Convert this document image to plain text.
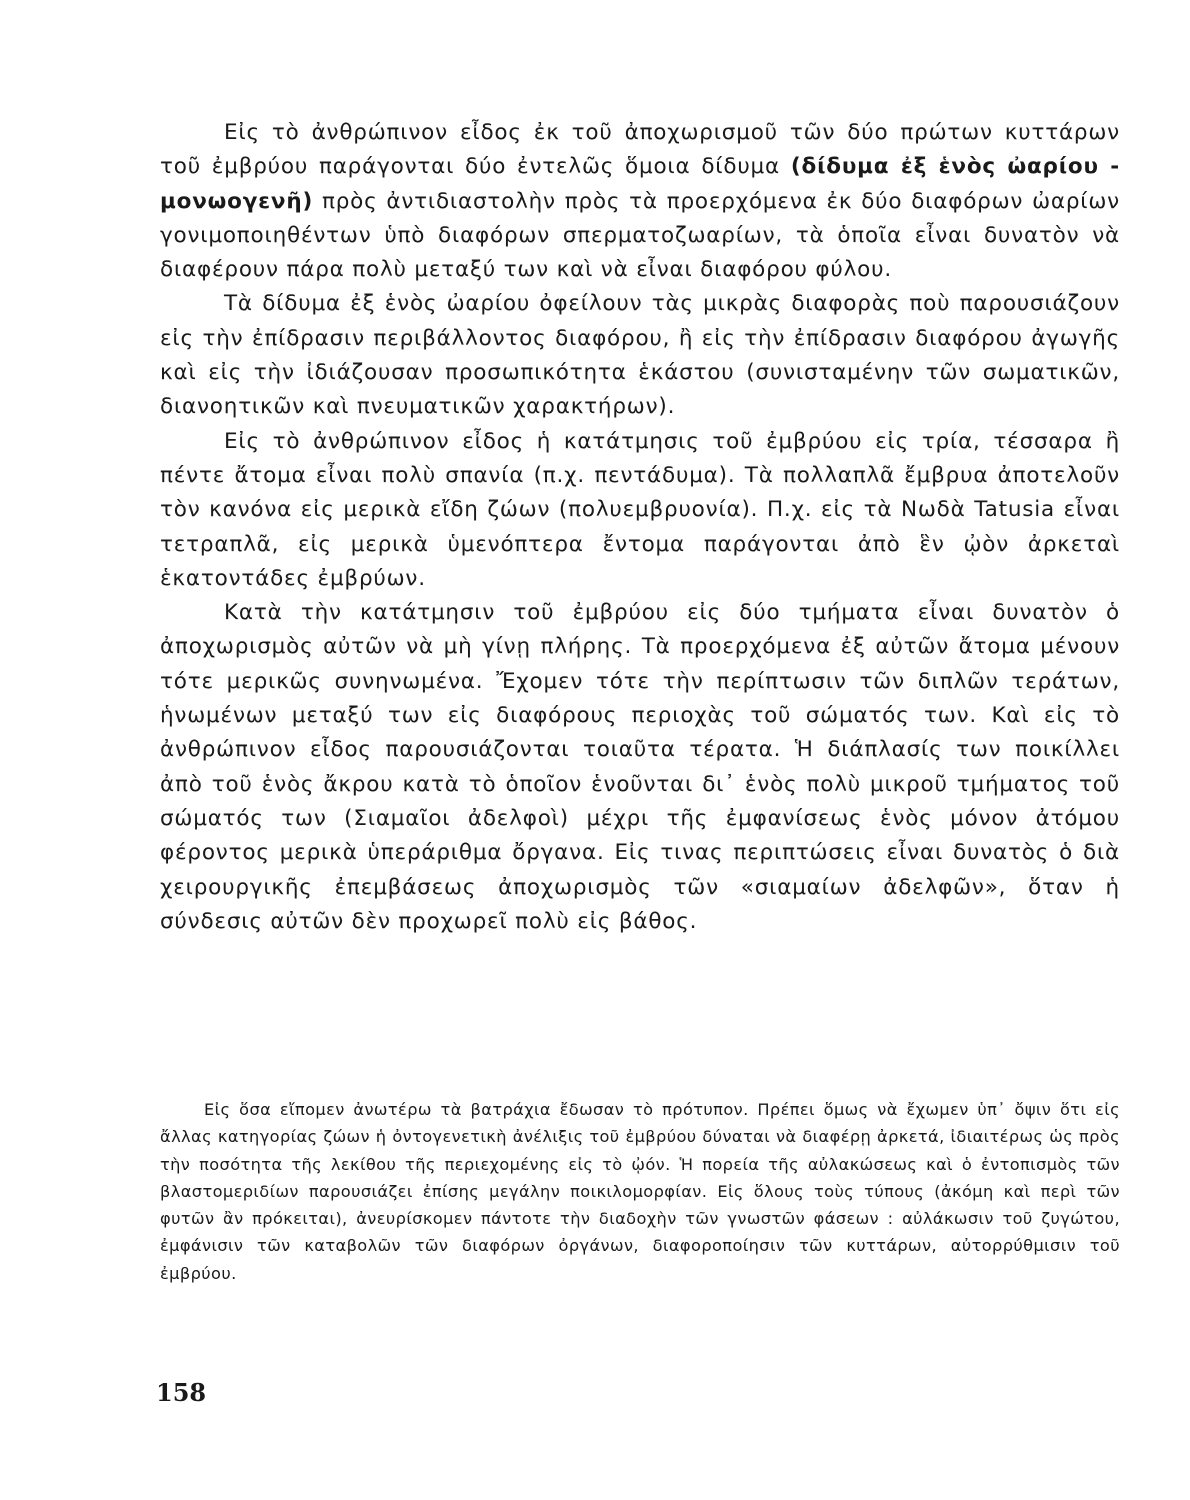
Εἰς τὸ ἀνθρώπινον εἶδος ἐκ τοῦ ἀποχωρισμοῦ τῶν δύο πρώτων κυττάρων τοῦ ἐμβρύου παράγονται δύο ἐντελῶς ὅμοια δίδυμα (δίδυμα ἐξ ἑνὸς ὠαρίου - μονωογενῆ) πρὸς ἀντιδιαστολὴν πρὸς τὰ προερχόμενα ἐκ δύο διαφόρων ὠαρίων γονιμοποιηθέντων ὑπὸ διαφόρων σπερματοζωαρίων, τὰ ὁποῖα εἶναι δυνατὸν νὰ διαφέρουν πάρα πολὺ μεταξύ των καὶ νὰ εἶναι διαφόρου φύλου.

Τὰ δίδυμα ἐξ ἑνὸς ὠαρίου ὀφείλουν τὰς μικρὰς διαφορὰς ποὺ παρουσιάζουν εἰς τὴν ἐπίδρασιν περιβάλλοντος διαφόρου, ἢ εἰς τὴν ἐπίδρασιν διαφόρου ἀγωγῆς καὶ εἰς τὴν ἰδιάζουσαν προσωπικότητα ἑκάστου (συνισταμένην τῶν σωματικῶν, διανοητικῶν καὶ πνευματικῶν χαρακτήρων).

Εἰς τὸ ἀνθρώπινον εἶδος ἡ κατάτμησις τοῦ ἐμβρύου εἰς τρία, τέσσαρα ἢ πέντε ἄτομα εἶναι πολὺ σπανία (π.χ. πεντάδυμα). Τὰ πολλαπλᾶ ἔμβρυα ἀποτελοῦν τὸν κανόνα εἰς μερικὰ εἴδη ζώων (πολυεμβρυονία). Π.χ. εἰς τὰ Νωδὰ Tatusia εἶναι τετραπλᾶ, εἰς μερικὰ ὑμενόπτερα ἔντομα παράγονται ἀπὸ ἓν ᾠὸν ἀρκεταὶ ἑκατοντάδες ἐμβρύων.

Κατὰ τὴν κατάτμησιν τοῦ ἐμβρύου εἰς δύο τμήματα εἶναι δυνατὸν ὁ ἀποχωρισμὸς αὐτῶν νὰ μὴ γίνῃ πλήρης. Τὰ προερχόμενα ἐξ αὐτῶν ἄτομα μένουν τότε μερικῶς συνηνωμένα. Ἔχομεν τότε τὴν περίπτωσιν τῶν διπλῶν τεράτων, ἡνωμένων μεταξύ των εἰς διαφόρους περιοχὰς τοῦ σώματός των. Καὶ εἰς τὸ ἀνθρώπινον εἶδος παρουσιάζονται τοιαῦτα τέρατα. Ἡ διάπλασίς των ποικίλλει ἀπὸ τοῦ ἑνὸς ἄκρου κατὰ τὸ ὁποῖον ἑνοῦνται δι᾿ ἑνὸς πολὺ μικροῦ τμήματος τοῦ σώματός των (Σιαμαῖοι ἀδελφοὶ) μέχρι τῆς ἐμφανίσεως ἑνὸς μόνον ἀτόμου φέροντος μερικὰ ὑπεράριθμα ὄργανα. Εἰς τινας περιπτώσεις εἶναι δυνατὸς ὁ διὰ χειρουργικῆς ἐπεμβάσεως ἀποχωρισμὸς τῶν «σιαμαίων ἀδελφῶν», ὅταν ἡ σύνδεσις αὐτῶν δὲν προχωρεῖ πολὺ εἰς βάθος.

Εἰς ὅσα εἴπομεν ἀνωτέρω τὰ βατράχια ἔδωσαν τὸ πρότυπον. Πρέπει ὅμως νὰ ἔχωμεν ὑπ᾿ ὄψιν ὅτι εἰς ἄλλας κατηγορίας ζώων ἡ ὀντογενετικὴ ἀνέλιξις τοῦ ἐμβρύου δύναται νὰ διαφέρῃ ἀρκετά, ἰδιαιτέρως ὡς πρὸς τὴν ποσότητα τῆς λεκίθου τῆς περιεχομένης εἰς τὸ ᾠόν. Ἡ πορεία τῆς αὐλακώσεως καὶ ὁ ἐντοπισμὸς τῶν βλαστομεριδίων παρουσιάζει ἐπίσης μεγάλην ποικιλομορφίαν. Εἰς ὅλους τοὺς τύπους (ἀκόμη καὶ περὶ τῶν φυτῶν ἂν πρόκειται), ἀνευρίσκομεν πάντοτε τὴν διαδοχὴν τῶν γνωστῶν φάσεων : αὐλάκωσιν τοῦ ζυγώτου, ἐμφάνισιν τῶν καταβολῶν τῶν διαφόρων ὀργάνων, διαφοροποίησιν τῶν κυττάρων, αὐτορρύθμισιν τοῦ ἐμβρύου.

158
